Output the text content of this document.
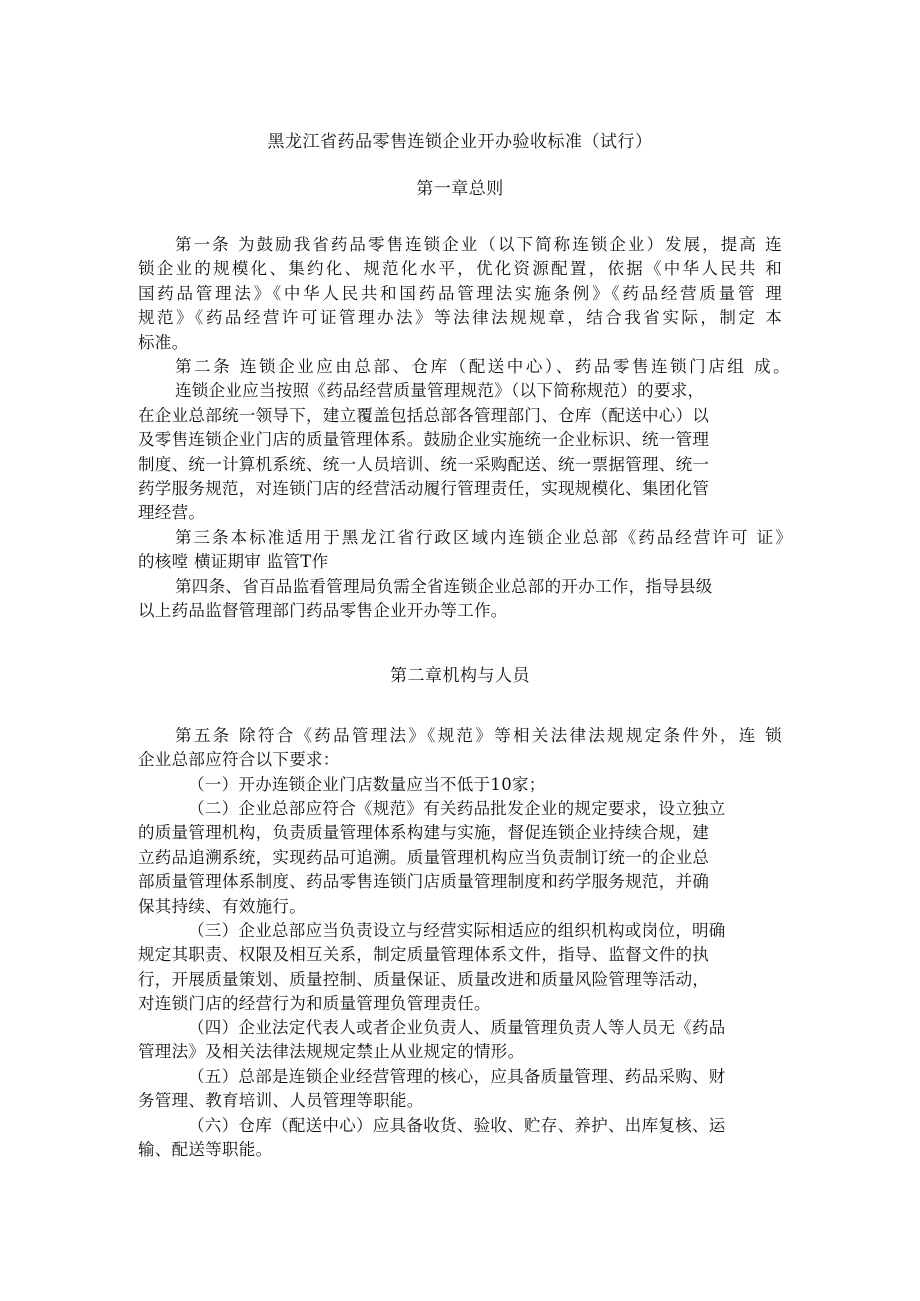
黑龙江省药品零售连锁企业开办验收标准（试行）
第一章总则
第一条 为鼓励我省药品零售连锁企业（以下简称连锁企业）发展，提高 连
锁企业的规模化、集约化、规范化水平，优化资源配置，依据《中华人民共 和
国药品管理法》《中华人民共和国药品管理法实施条例》《药品经营质量管 理
规范》《药品经营许可证管理办法》等法律法规规章，结合我省实际，制定 本
标准。
第二条 连锁企业应由总部、仓库（配送中心）、药品零售连锁门店组 成。
连锁企业应当按照《药品经营质量管理规范》（以下简称规范）的要求，
在企业总部统一领导下，建立覆盖包括总部各管理部门、仓库（配送中心）以
及零售连锁企业门店的质量管理体系。鼓励企业实施统一企业标识、统一管理
制度、统一计算机系统、统一人员培训、统一采购配送、统一票据管理、统一
药学服务规范，对连锁门店的经营活动履行管理责任，实现规模化、集团化管
理经营。
第三条本标准适用于黑龙江省行政区域内连锁企业总部《药品经营许可 证》
的核嘡 横证期审 监管T作
第四条、省百品监看管理局负需全省连锁企业总部的开办工作，指导县级
以上药品监督管理部门药品零售企业开办等工作。
第二章机构与人员
第五条 除符合《药品管理法》《规范》等相关法律法规规定条件外，连 锁
企业总部应符合以下要求：
（一）开办连锁企业门店数量应当不低于10家；
（二）企业总部应符合《规范》有关药品批发企业的规定要求，设立独立
的质量管理机构，负责质量管理体系构建与实施，督促连锁企业持续合规，建
立药品追溯系统，实现药品可追溯。质量管理机构应当负责制订统一的企业总
部质量管理体系制度、药品零售连锁门店质量管理制度和药学服务规范，并确
保其持续、有效施行。
（三）企业总部应当负责设立与经营实际相适应的组织机构或岗位，明确
规定其职责、权限及相互关系，制定质量管理体系文件，指导、监督文件的执
行，开展质量策划、质量控制、质量保证、质量改进和质量风险管理等活动，
对连锁门店的经营行为和质量管理负管理责任。
（四）企业法定代表人或者企业负责人、质量管理负责人等人员无《药品
管理法》及相关法律法规规定禁止从业规定的情形。
（五）总部是连锁企业经营管理的核心，应具备质量管理、药品采购、财
务管理、教育培训、人员管理等职能。
（六）仓库（配送中心）应具备收货、验收、贮存、养护、出库复核、运
输、配送等职能。
